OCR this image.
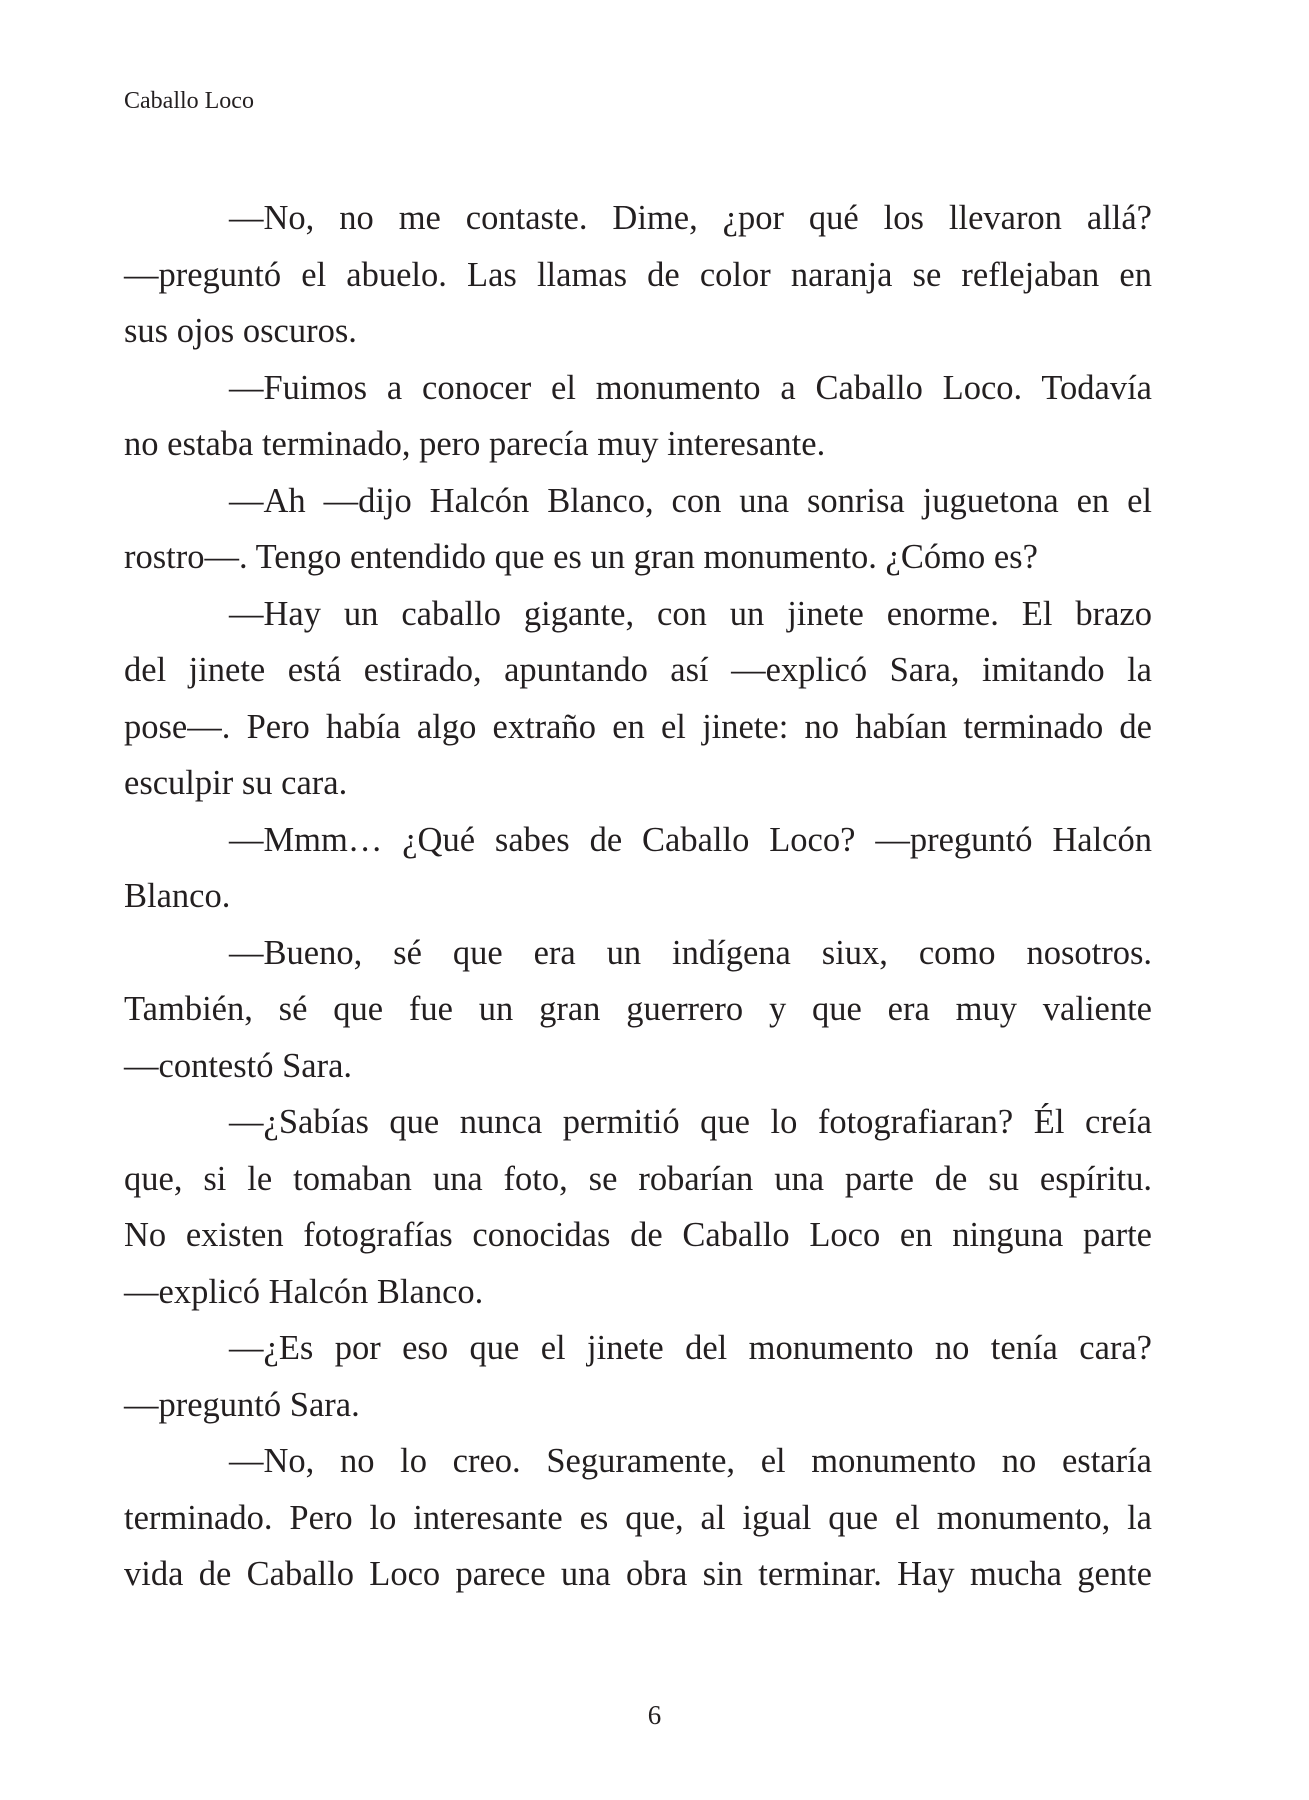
Caballo Loco
—No, no me contaste. Dime, ¿por qué los llevaron allá?
—preguntó el abuelo. Las llamas de color naranja se reflejaban en
sus ojos oscuros.
—Fuimos a conocer el monumento a Caballo Loco. Todavía
no estaba terminado, pero parecía muy interesante.
—Ah —dijo Halcón Blanco, con una sonrisa juguetona en el
rostro—. Tengo entendido que es un gran monumento. ¿Cómo es?
—Hay un caballo gigante, con un jinete enorme. El brazo
del jinete está estirado, apuntando así —explicó Sara, imitando la
pose—. Pero había algo extraño en el jinete: no habían terminado de
esculpir su cara.
—Mmm… ¿Qué sabes de Caballo Loco? —preguntó Halcón
Blanco.
—Bueno, sé que era un indígena siux, como nosotros.
También, sé que fue un gran guerrero y que era muy valiente
—contestó Sara.
—¿Sabías que nunca permitió que lo fotografiaran? Él creía
que, si le tomaban una foto, se robarían una parte de su espíritu.
No existen fotografías conocidas de Caballo Loco en ninguna parte
—explicó Halcón Blanco.
—¿Es por eso que el jinete del monumento no tenía cara?
—preguntó Sara.
—No, no lo creo. Seguramente, el monumento no estaría
terminado. Pero lo interesante es que, al igual que el monumento, la
vida de Caballo Loco parece una obra sin terminar. Hay mucha gente
6
